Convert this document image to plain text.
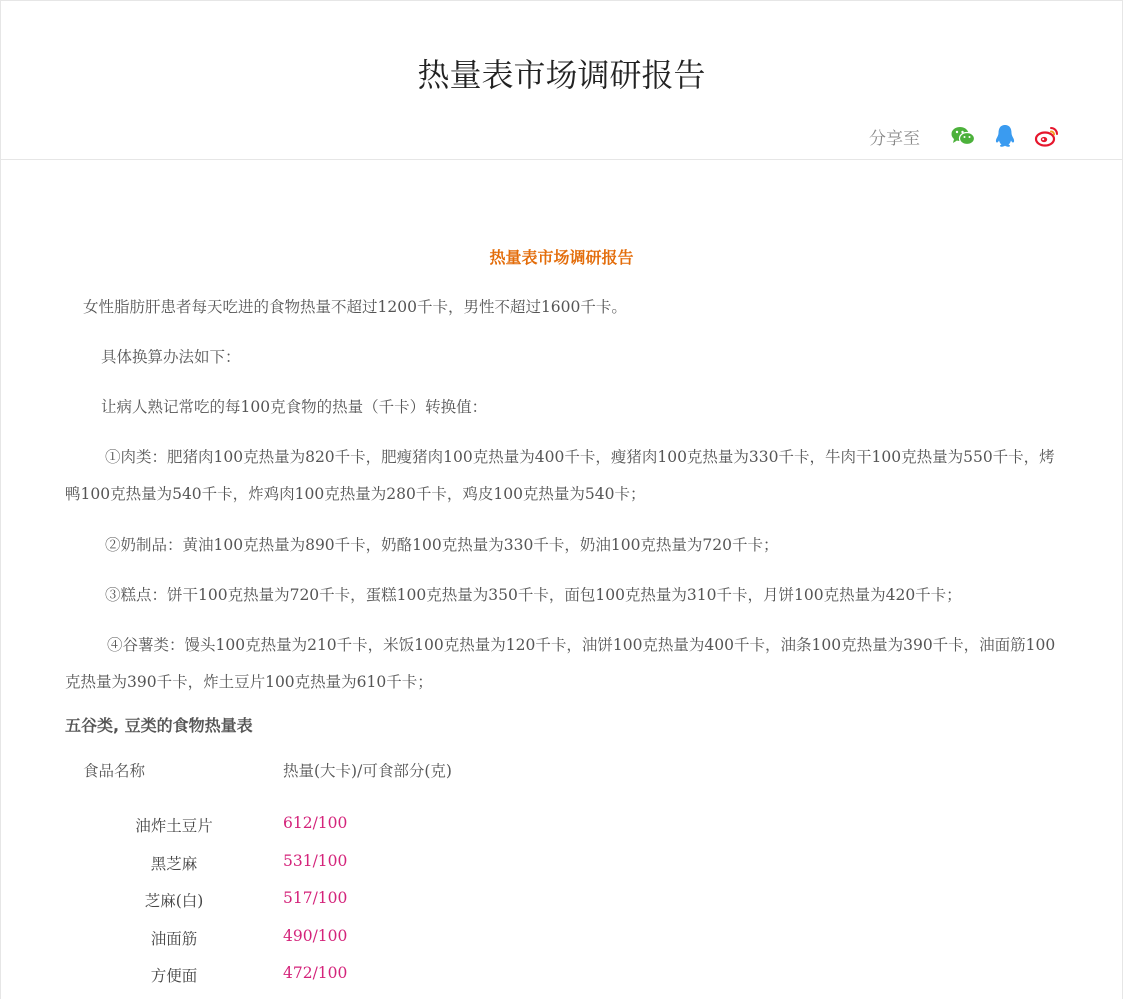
热量表市场调研报告
分享至
热量表市场调研报告

女性脂肪肝患者每天吃进的食物热量不超过1200千卡，男性不超过1600千卡。

具体换算办法如下：

让病人熟记常吃的每100克食物的热量（千卡）转换值：

①肉类：肥猪肉100克热量为820千卡，肥瘦猪肉100克热量为400千卡，瘦猪肉100克热量为330千卡，牛肉干100克热量为550千卡，烤鸭100克热量为540千卡，炸鸡肉100克热量为280千卡，鸡皮100克热量为540卡；

②奶制品：黄油100克热量为890千卡，奶酪100克热量为330千卡，奶油100克热量为720千卡；

③糕点：饼干100克热量为720千卡，蛋糕100克热量为350千卡，面包100克热量为310千卡，月饼100克热量为420千卡；

④谷薯类：馒头100克热量为210千卡，米饭100克热量为120千卡，油饼100克热量为400千卡，油条100克热量为390千卡，油面筋100克热量为390千卡，炸土豆片100克热量为610千卡；

五谷类, 豆类的食物热量表
食品名称	热量(大卡)/可食部分(克)
油炸土豆片	612/100
黑芝麻	531/100
芝麻(白)	517/100
油面筋	490/100
方便面	472/100
